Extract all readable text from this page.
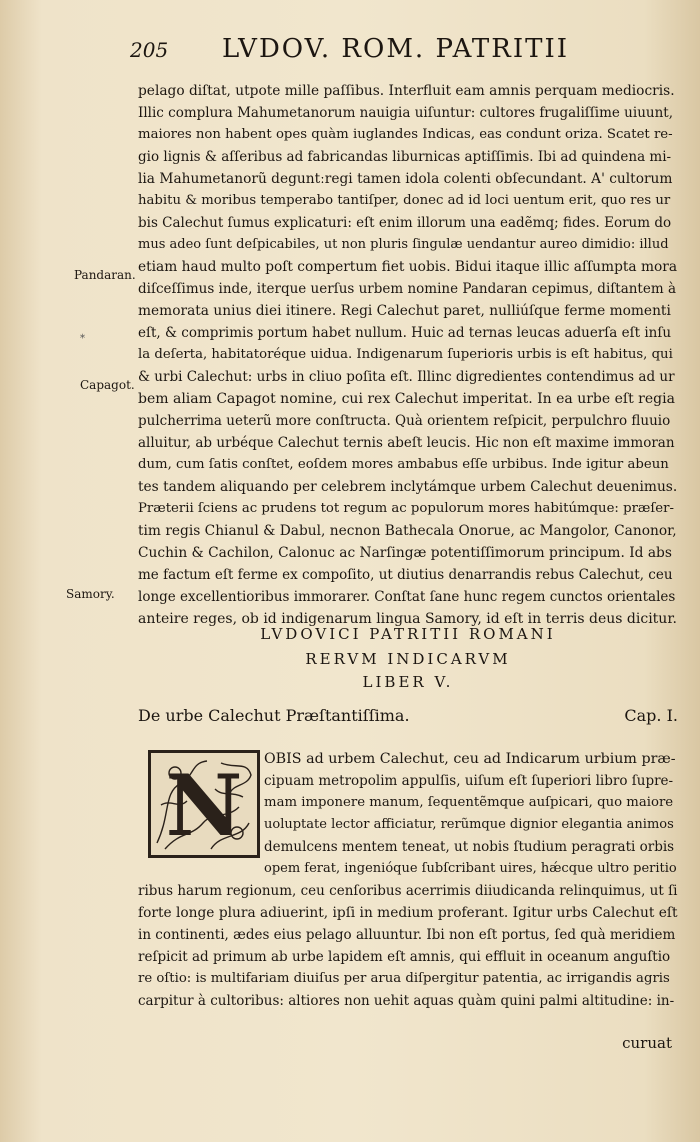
205 LVDOV. ROM. PATRITII
Pandaran.
⁎
Capagot.
Samory.
pelago diſtat, utpote mille paſſibus. Interfluit eam amnis perquam mediocris.
Illic complura Mahumetanorum nauigia uiſuntur: cultores frugaliſſime uiuunt,
maiores non habent opes quàm iuglandes Indicas, eas condunt oriza. Scatet re-
gio lignis & aſſeribus ad fabricandas liburnicas aptiſſimis. Ibi ad quindena mi-
lia Mahumetanorũ deguntːregi tamen idola colenti obſecundant. A' cultorum
habitu & moribus temperabo tantiſper, donec ad id loci uentum erit, quo res ur
bis Calechut ſumus explicaturi: eſt enim illorum una eadẽmq; fides. Eorum do
mus adeo ſunt deſpicabiles, ut non pluris ſingulæ uendantur aureo dimidio: illud
etiam haud multo poſt compertum fiet uobis. Bidui itaque illic aſſumpta mora
diſceſſimus inde, iterque uerſus urbem nomine Pandaran cepimus, diſtantem à
memorata unius diei itinere. Regi Calechut paret, nulliúſque ferme momenti
eſt, & comprimis portum habet nullum. Huic ad ternas leucas aduerſa eſt inſu
la deſerta, habitatoréque uidua. Indigenarum ſuperioris urbis is eſt habitus, qui
& urbi Calechut: urbs in cliuo poſita eſt. Illinc digredientes contendimus ad ur
bem aliam Capagot nomine, cui rex Calechut imperitat. In ea urbe eſt regia
pulcherrima ueterũ more conſtructa. Quà orientem reſpicit, perpulchro fluuio
alluitur, ab urbéque Calechut ternis abeſt leucis. Hic non eſt maxime immoran
dum, cum ſatis conſtet, eoſdem mores ambabus eſſe urbibus. Inde igitur abeun
tes tandem aliquando per celebrem inclytámque urbem Calechut deuenimus.
Præterii ſciens ac prudens tot regum ac populorum mores habitúmque: præſer-
tim regis Chianul & Dabul, necnon Bathecala Onorue, ac Mangolor, Canonor,
Cuchin & Cachilon, Calonuc ac Narſingæ potentiſſimorum principum. Id abs
me factum eſt ferme ex compoſito, ut diutius denarrandis rebus Calechut, ceu
longe excellentioribus immorarer. Conſtat ſane hunc regem cunctos orientales
anteire reges, ob id indigenarum lingua Samory, id eſt in terris deus dicitur.
LVDOVICI PATRITII ROMANI
RERVM INDICARVM
LIBER V.
De urbe Calechut Præſtantiſſima.	Cap. I.
N OBIS ad urbem Calechut, ceu ad Indicarum urbium præ-
cipuam metropolim appulſis, uiſum eſt ſuperiori libro ſupre-
mam imponere manum, ſequentẽmque auſpicari, quo maiore
uoluptate lector afficiatur, rerũmque dignior elegantia animos
demulcens mentem teneat, ut nobis ſtudium peragrati orbis
opem ferat, ingenióque ſubſcribant uires, hǽcque ultro peritio
ribus harum regionum, ceu cenſoribus acerrimis diiudicanda relinquimus, ut ſi
forte longe plura adiuerint, ipſi in medium proferant. Igitur urbs Calechut eſt
in continenti, ædes eius pelago alluuntur. Ibi non eſt portus, ſed quà meridiem
reſpicit ad primum ab urbe lapidem eſt amnis, qui effluit in oceanum anguſtio
re oſtio: is multifariam diuiſus per arua diſpergitur patentia, ac irrigandis agris
carpitur à cultoribus: altiores non uehit aquas quàm quini palmi altitudine: in-
curuat
